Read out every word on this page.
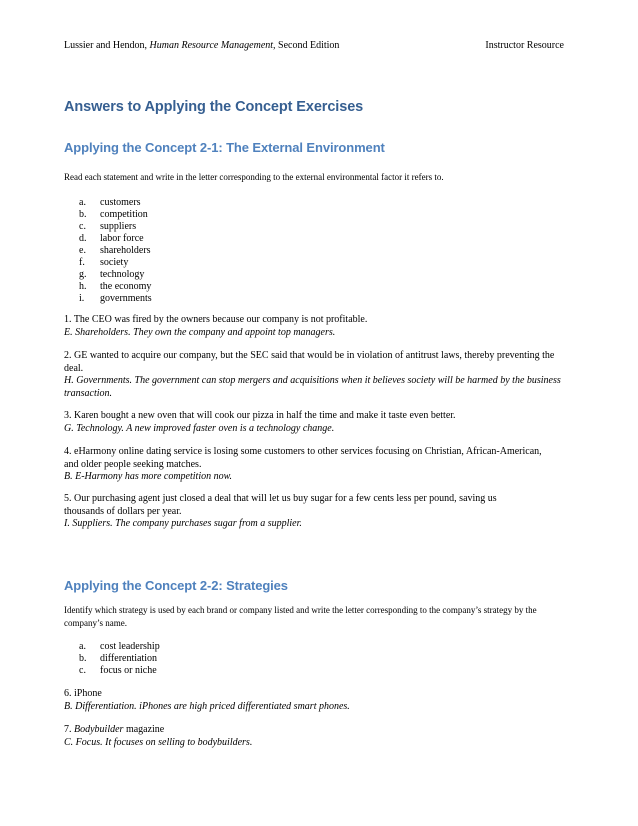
Lussier and Hendon, Human Resource Management, Second Edition	Instructor Resource
Answers to Applying the Concept Exercises
Applying the Concept 2-1: The External Environment

Read each statement and write in the letter corresponding to the external environmental factor it refers to.

a. customers
b. competition
c. suppliers
d. labor force
e. shareholders
f. society
g. technology
h. the economy
i. governments

1. The CEO was fired by the owners because our company is not profitable.

E. Shareholders. They own the company and appoint top managers.

2. GE wanted to acquire our company, but the SEC said that would be in violation of antitrust laws, thereby preventing the deal.

H. Governments. The government can stop mergers and acquisitions when it believes society will be harmed by the business transaction.

3. Karen bought a new oven that will cook our pizza in half the time and make it taste even better.

G. Technology. A new improved faster oven is a technology change.

4. eHarmony online dating service is losing some customers to other services focusing on Christian, African-American, and older people seeking matches.

B. E-Harmony has more competition now.

5. Our purchasing agent just closed a deal that will let us buy sugar for a few cents less per pound, saving us thousands of dollars per year.

I. Suppliers. The company purchases sugar from a supplier.

Applying the Concept 2-2: Strategies

Identify which strategy is used by each brand or company listed and write the letter corresponding to the company’s strategy by the company’s name.

a. cost leadership
b. differentiation
c. focus or niche

6. iPhone

B. Differentiation. iPhones are high priced differentiated smart phones.

7. Bodybuilder magazine

C. Focus. It focuses on selling to bodybuilders.
